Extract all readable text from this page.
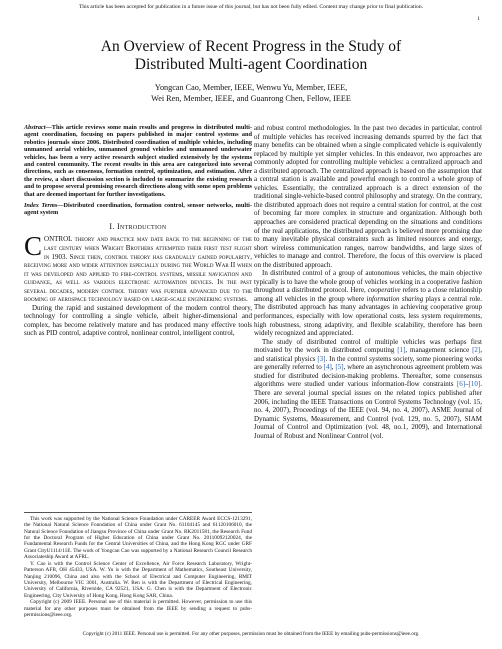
This article has been accepted for publication in a future issue of this journal, but has not been fully edited. Content may change prior to final publication.
1
An Overview of Recent Progress in the Study of
Distributed Multi-agent Coordination
Yongcan Cao, Member, IEEE, Wenwu Yu, Member, IEEE,
Wei Ren, Member, IEEE, and Guanrong Chen, Fellow, IEEE
Abstract—This article reviews some main results and progress in distributed multi-agent coordination, focusing on papers published in major control systems and robotics journals since 2006. Distributed coordination of multiple vehicles, including unmanned aerial vehicles, unmanned ground vehicles and unmanned underwater vehicles, has been a very active research subject studied extensively by the systems and control community. The recent results in this area are categorized into several directions, such as consensus, formation control, optimization, and estimation. After the review, a short discussion section is included to summarize the existing research and to propose several promising research directions along with some open problems that are deemed important for further investigations.
Index Terms—Distributed coordination, formation control, sensor networks, multi-agent system
I. Introduction

CONTROL theory and practice may date back to the beginning of the last century when Wright Brothers attempted their first test flight in 1903. Since then, control theory has gradually gained popularity, receiving more and wider attention especially during the World War II when it was developed and applied to fire-control systems, missile navigation and guidance, as well as various electronic automation devices. In the past several decades, modern control theory was further advanced due to the booming of aerospace technology based on large-scale engineering systems.

During the rapid and sustained development of the modern control theory, technology for controlling a single vehicle, albeit higher-dimensional and complex, has become relatively mature and has produced many effective tools such as PID control, adaptive control, nonlinear control, intelligent control,

This work was supported by the National Science Foundation under CAREER Award ECCS-1213291, the National Natural Science Foundation of China under Grant No. 61104145 and 61120106010, the Natural Science Foundation of Jiangsu Province of China under Grant No. BK2011581, the Research Fund for the Doctoral Program of Higher Education of China under Grant No. 20110092120024, the Fundamental Research Funds for the Central Universities of China, and the Hong Kong RGC under GRF Grant CityU1114/11E. The work of Yongcan Cao was supported by a National Research Council Research Associateship Award at AFRL.

Y. Cao is with the Control Science Center of Excellence, Air Force Research Laboratory, Wright-Patterson AFB, OH 45433, USA. W. Yu is with the Department of Mathematics, Southeast University, Nanjing 210096, China and also with the School of Electrical and Computer Engineering, RMIT University, Melbourne VIC 3001, Australia. W. Ren is with the Department of Electrical Engineering, University of California, Riverside, CA 92521, USA. G. Chen is with the Department of Electronic Engineering, City University of Hong Kong, Hong Kong SAR, China.

Copyright (c) 2009 IEEE. Personal use of this material is permitted. However, permission to use this material for any other purposes must be obtained from the IEEE by sending a request to pubs-permissions@ieee.org.

and robust control methodologies. In the past two decades in particular, control of multiple vehicles has received increasing demands spurred by the fact that many benefits can be obtained when a single complicated vehicle is equivalently replaced by multiple yet simpler vehicles. In this endeavor, two approaches are commonly adopted for controlling multiple vehicles: a centralized approach and a distributed approach. The centralized approach is based on the assumption that a central station is available and powerful enough to control a whole group of vehicles. Essentially, the centralized approach is a direct extension of the traditional single-vehicle-based control philosophy and strategy. On the contrary, the distributed approach does not require a central station for control, at the cost of becoming far more complex in structure and organization. Although both approaches are considered practical depending on the situations and conditions of the real applications, the distributed approach is believed more promising due to many inevitable physical constraints such as limited resources and energy, short wireless communication ranges, narrow bandwidths, and large sizes of vehicles to manage and control. Therefore, the focus of this overview is placed on the distributed approach.

In distributed control of a group of autonomous vehicles, the main objective typically is to have the whole group of vehicles working in a cooperative fashion throughout a distributed protocol. Here, cooperative refers to a close relationship among all vehicles in the group where information sharing plays a central role. The distributed approach has many advantages in achieving cooperative group performances, especially with low operational costs, less system requirements, high robustness, strong adaptivity, and flexible scalability, therefore has been widely recognized and appreciated.

The study of distributed control of multiple vehicles was perhaps first motivated by the work in distributed computing [1], management science [2], and statistical physics [3]. In the control systems society, some pioneering works are generally referred to [4], [5], where an asynchronous agreement problem was studied for distributed decision-making problems. Thereafter, some consensus algorithms were studied under various information-flow constraints [6]–[10]. There are several journal special issues on the related topics published after 2006, including the IEEE Transactions on Control Systems Technology (vol. 15, no. 4, 2007), Proceedings of the IEEE (vol. 94, no. 4, 2007), ASME Journal of Dynamic Systems, Measurement, and Control (vol. 129, no. 5, 2007), SIAM Journal of Control and Optimization (vol. 48, no.1, 2009), and International Journal of Robust and Nonlinear Control (vol.

Copyright (c) 2011 IEEE. Personal use is permitted. For any other purposes, permission must be obtained from the IEEE by emailing pubs-permissions@ieee.org.
